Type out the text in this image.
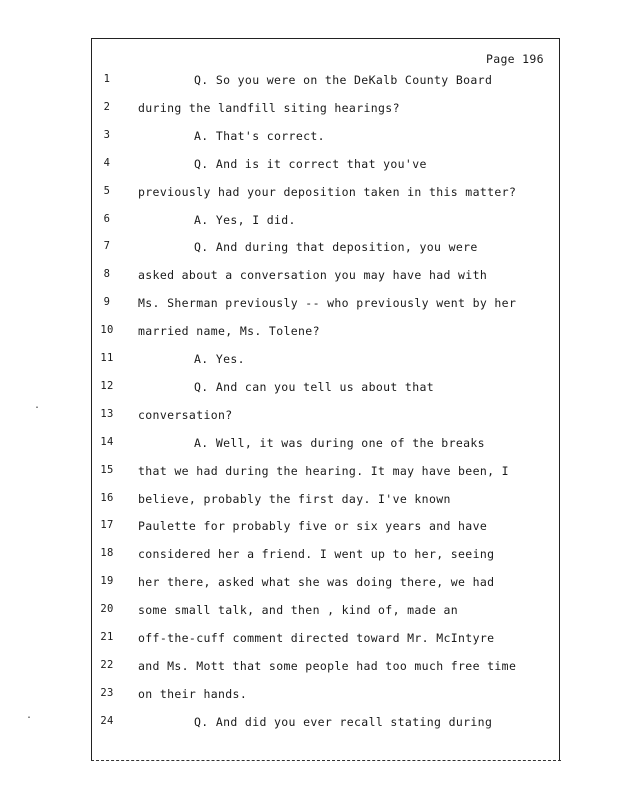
Page 196
1	Q. So you were on the DeKalb County Board
2	during the landfill siting hearings?
3	A. That's correct.
4	Q. And is it correct that you've
5	previously had your deposition taken in this matter?
6	A. Yes, I did.
7	Q. And during that deposition, you were
8	asked about a conversation you may have had with
9	Ms. Sherman previously -- who previously went by her
10	married name, Ms. Tolene?
11	A. Yes.
12	Q. And can you tell us about that
13	conversation?
14	A. Well, it was during one of the breaks
15	that we had during the hearing. It may have been, I
16	believe, probably the first day. I've known
17	Paulette for probably five or six years and have
18	considered her a friend. I went up to her, seeing
19	her there, asked what she was doing there, we had
20	some small talk, and then , kind of, made an
21	off-the-cuff comment directed toward Mr. McIntyre
22	and Ms. Mott that some people had too much free time
23	on their hands.
24	Q. And did you ever recall stating during
.
.
